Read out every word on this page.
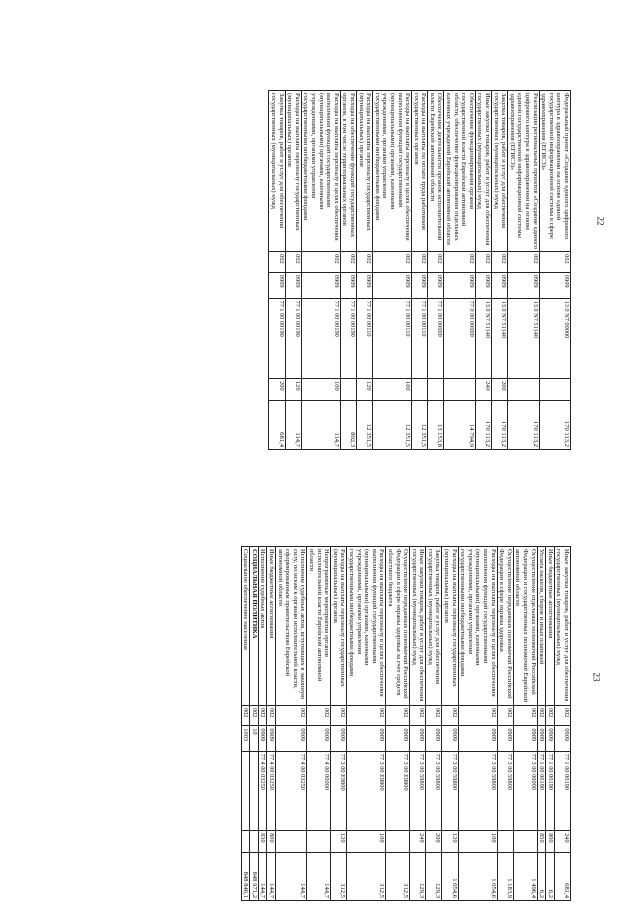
22
23
Федеральный проект «Создание единого цифрового контура в здравоохранении на основе единой государственной информационной системы в сфере здравоохранения (ЕГИСЗ)»	002	0909	13 0 N7 00000		170 113,2
Реализация региональных проектов «Создание единого цифрового контура в здравоохранении на основе единой государственной информационной системы здравоохранения (ЕГИСЗ)»	002	0909	13 0 N7 51140		170 113,2
Закупка товаров, работ и услуг для обеспечения государственных (муниципальных) нужд	002	0909	13 0 N7 51140	200	170 113,2
Иные закупки товаров, работ и услуг для обеспечения государственных (муниципальных) нужд	002	0909	13 0 N7 51140	240	170 113,2
Обеспечение функционирования органов государственной власти Еврейской автономной области, обеспечение функционирования отдельных казенных учреждений Еврейской автономной области	002	0909	77 0 00 00000		14 794,9
Обеспечение деятельности органов исполнительной власти Еврейской автономной области	002	0909	77 1 00 00000		13 153,8
Расходы на выплаты по оплате труда работников государственных органов	002	0909	77 1 00 00110		12 351,5
Расходы на выплаты персоналу в целях обеспечения выполнения функций государственными (муниципальными) органами, казенными учреждениями, органами управления государственными внебюджетными фондами	002	0909	77 1 00 00110	100	12 351,5
Расходы на выплаты персоналу государственных (муниципальных) органов	002	0909	77 1 00 00110	120	12 351,5
Расходы на обеспечение функций государственных органов, в том числе территориальных органов	002	0909	77 1 00 00190		802,3
Расходы на выплаты персоналу в целях обеспечения выполнения функций государственными (муниципальными) органами, казенными учреждениями, органами управления государственными внебюджетными фондами	002	0909	77 1 00 00190	100	114,7
Расходы на выплаты персоналу государственных (муниципальных) органов	002	0909	77 1 00 00190	120	114,7
Закупка товаров, работ и услуг для обеспечения государственных (муниципальных) нужд	002	0909	77 1 00 00190	200	681,4
Иные закупки товаров, работ и услуг для обеспечения государственных (муниципальных) нужд	002	0909	77 1 00 00190	240	681,4
Иные бюджетные ассигнования	002	0909	77 1 00 00190	800	6,2
Уплата налогов, сборов и иных платежей	002	0909	77 1 00 00190	850	6,2
Осуществление отдельных полномочий Российской Федерации и государственных полномочий Еврейской автономной области	002	0909	77 3 00 00000		1 496,4
Осуществление переданных полномочий Российской Федерации в сфере охраны здоровья	002	0909	77 3 00 59800		1 183,9
Расходы на выплаты персоналу в целях обеспечения выполнения функций государственными (муниципальными) органами, казенными учреждениями, органами управления государственными внебюджетными фондами	002	0909	77 3 00 59800	100	1 054,6
Расходы на выплаты персоналу государственных (муниципальных) органов	002	0909	77 3 00 59800	120	1 054,6
Закупка товаров, работ и услуг для обеспечения государственных (муниципальных) нужд	002	0909	77 3 00 59800	200	129,3
Иные закупки товаров, работ и услуг для обеспечения государственных (муниципальных) нужд	002	0909	77 3 00 59800	240	129,3
Осуществление переданных полномочий Российской Федерации в сфере охраны здоровья за счет средств областного бюджета	002	0909	77 3 00 Е9800		312,5
Расходы на выплаты персоналу в целях обеспечения выполнения функций государственными (муниципальными) органами, казенными учреждениями, органами управления государственными внебюджетными фондами	002	0909	77 3 00 Е9800	100	312,5
Расходы на выплаты персоналу государственных (муниципальных) органов	002	0909	77 3 00 Е9800	120	312,5
Непрограммные мероприятия органов исполнительной власти Еврейской автономной области	002	0909	77 4 00 00000		144,7
Исполнение судебных актов, вступивших в законную силу, по искам к органам исполнительной власти, сформированным правительством Еврейской автономной области	002	0909	77 4 00 03250		144,7
Иные бюджетные ассигнования	002	0909	77 4 00 03250	800	144,7
Исполнение судебных актов	002	0909	77 4 00 03250	830	144,7
СОЦИАЛЬНАЯ ПОЛИТИКА	002	10			848 971,2
Социальное обеспечение населения	002	1003			848 846,1
